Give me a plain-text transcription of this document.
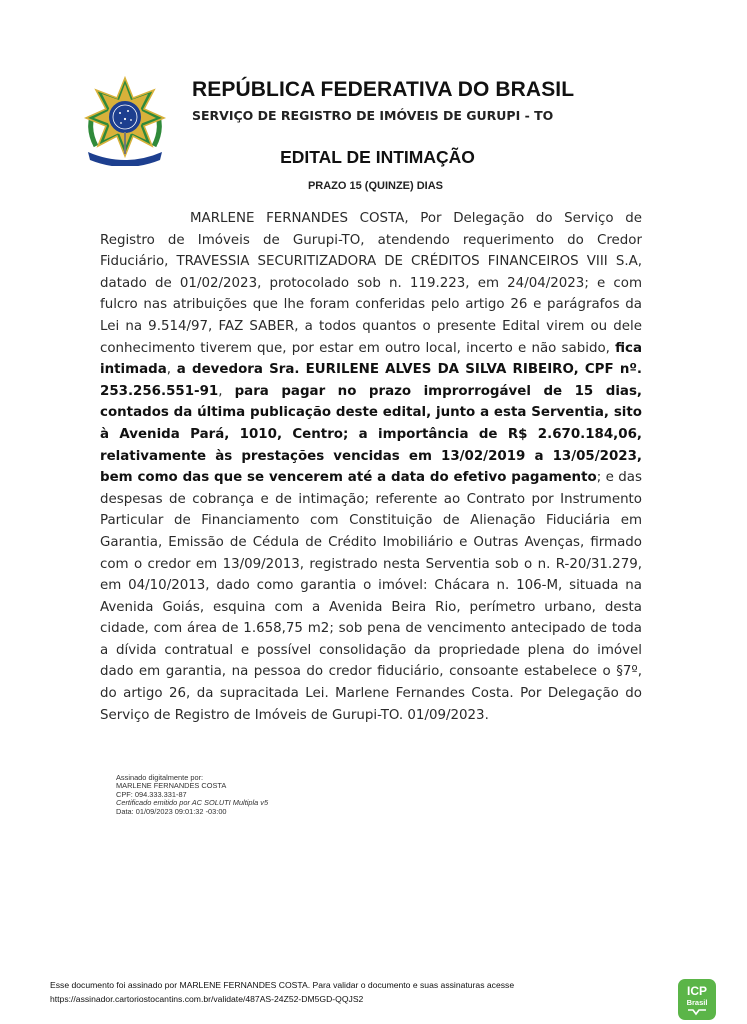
REPÚBLICA FEDERATIVA DO BRASIL
SERVIÇO DE REGISTRO DE IMÓVEIS DE GURUPI - TO
EDITAL DE INTIMAÇÃO

PRAZO 15 (QUINZE) DIAS

MARLENE FERNANDES COSTA, Por Delegação do Serviço de Registro de Imóveis de Gurupi-TO, atendendo requerimento do Credor Fiduciário, TRAVESSIA SECURITIZADORA DE CRÉDITOS FINANCEIROS VIII S.A, datado de 01/02/2023, protocolado sob n. 119.223, em 24/04/2023; e com fulcro nas atribuições que lhe foram conferidas pelo artigo 26 e parágrafos da Lei na 9.514/97, FAZ SABER, a todos quantos o presente Edital virem ou dele conhecimento tiverem que, por estar em outro local, incerto e não sabido, fica intimada, a devedora Sra. EURILENE ALVES DA SILVA RIBEIRO, CPF nº. 253.256.551-91, para pagar no prazo improrrogável de 15 dias, contados da última publicação deste edital, junto a esta Serventia, sito à Avenida Pará, 1010, Centro; a importância de R$ 2.670.184,06, relativamente às prestações vencidas em 13/02/2019 a 13/05/2023, bem como das que se vencerem até a data do efetivo pagamento; e das despesas de cobrança e de intimação; referente ao Contrato por Instrumento Particular de Financiamento com Constituição de Alienação Fiduciária em Garantia, Emissão de Cédula de Crédito Imobiliário e Outras Avenças, firmado com o credor em 13/09/2013, registrado nesta Serventia sob o n. R-20/31.279, em 04/10/2013, dado como garantia o imóvel: Chácara n. 106-M, situada na Avenida Goiás, esquina com a Avenida Beira Rio, perímetro urbano, desta cidade, com área de 1.658,75 m2; sob pena de vencimento antecipado de toda a dívida contratual e possível consolidação da propriedade plena do imóvel dado em garantia, na pessoa do credor fiduciário, consoante estabelece o §7º, do artigo 26, da supracitada Lei. Marlene Fernandes Costa. Por Delegação do Serviço de Registro de Imóveis de Gurupi-TO. 01/09/2023.

Assinado digitalmente por:
MARLENE FERNANDES COSTA
CPF: 094.333.331-87
Certificado emitido por AC SOLUTI Multipla v5
Data: 01/09/2023 09:01:32 -03:00
Esse documento foi assinado por MARLENE FERNANDES COSTA. Para validar o documento e suas assinaturas acesse
https://assinador.cartoriostocantins.com.br/validate/487AS-24Z52-DM5GD-QQJS2
ICP
Brasil
